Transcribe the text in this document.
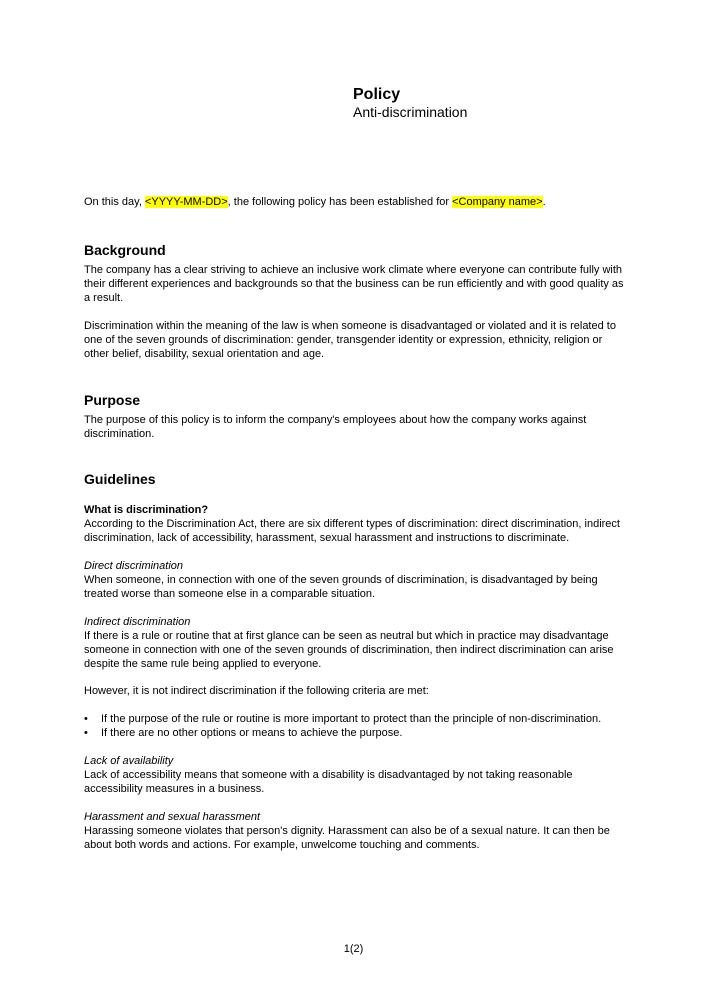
Policy
Anti-discrimination

On this day, <YYYY-MM-DD>, the following policy has been established for <Company name>.

Background

The company has a clear striving to achieve an inclusive work climate where everyone can contribute fully with their different experiences and backgrounds so that the business can be run efficiently and with good quality as a result.

Discrimination within the meaning of the law is when someone is disadvantaged or violated and it is related to one of the seven grounds of discrimination: gender, transgender identity or expression, ethnicity, religion or other belief, disability, sexual orientation and age.

Purpose

The purpose of this policy is to inform the company's employees about how the company works against discrimination.

Guidelines

What is discrimination?

According to the Discrimination Act, there are six different types of discrimination: direct discrimination, indirect discrimination, lack of accessibility, harassment, sexual harassment and instructions to discriminate.

Direct discrimination

When someone, in connection with one of the seven grounds of discrimination, is disadvantaged by being treated worse than someone else in a comparable situation.

Indirect discrimination

If there is a rule or routine that at first glance can be seen as neutral but which in practice may disadvantage someone in connection with one of the seven grounds of discrimination, then indirect discrimination can arise despite the same rule being applied to everyone.

However, it is not indirect discrimination if the following criteria are met:

• If the purpose of the rule or routine is more important to protect than the principle of non-discrimination.
• If there are no other options or means to achieve the purpose.

Lack of availability

Lack of accessibility means that someone with a disability is disadvantaged by not taking reasonable accessibility measures in a business.

Harassment and sexual harassment

Harassing someone violates that person's dignity. Harassment can also be of a sexual nature. It can then be about both words and actions. For example, unwelcome touching and comments.

1(2)
